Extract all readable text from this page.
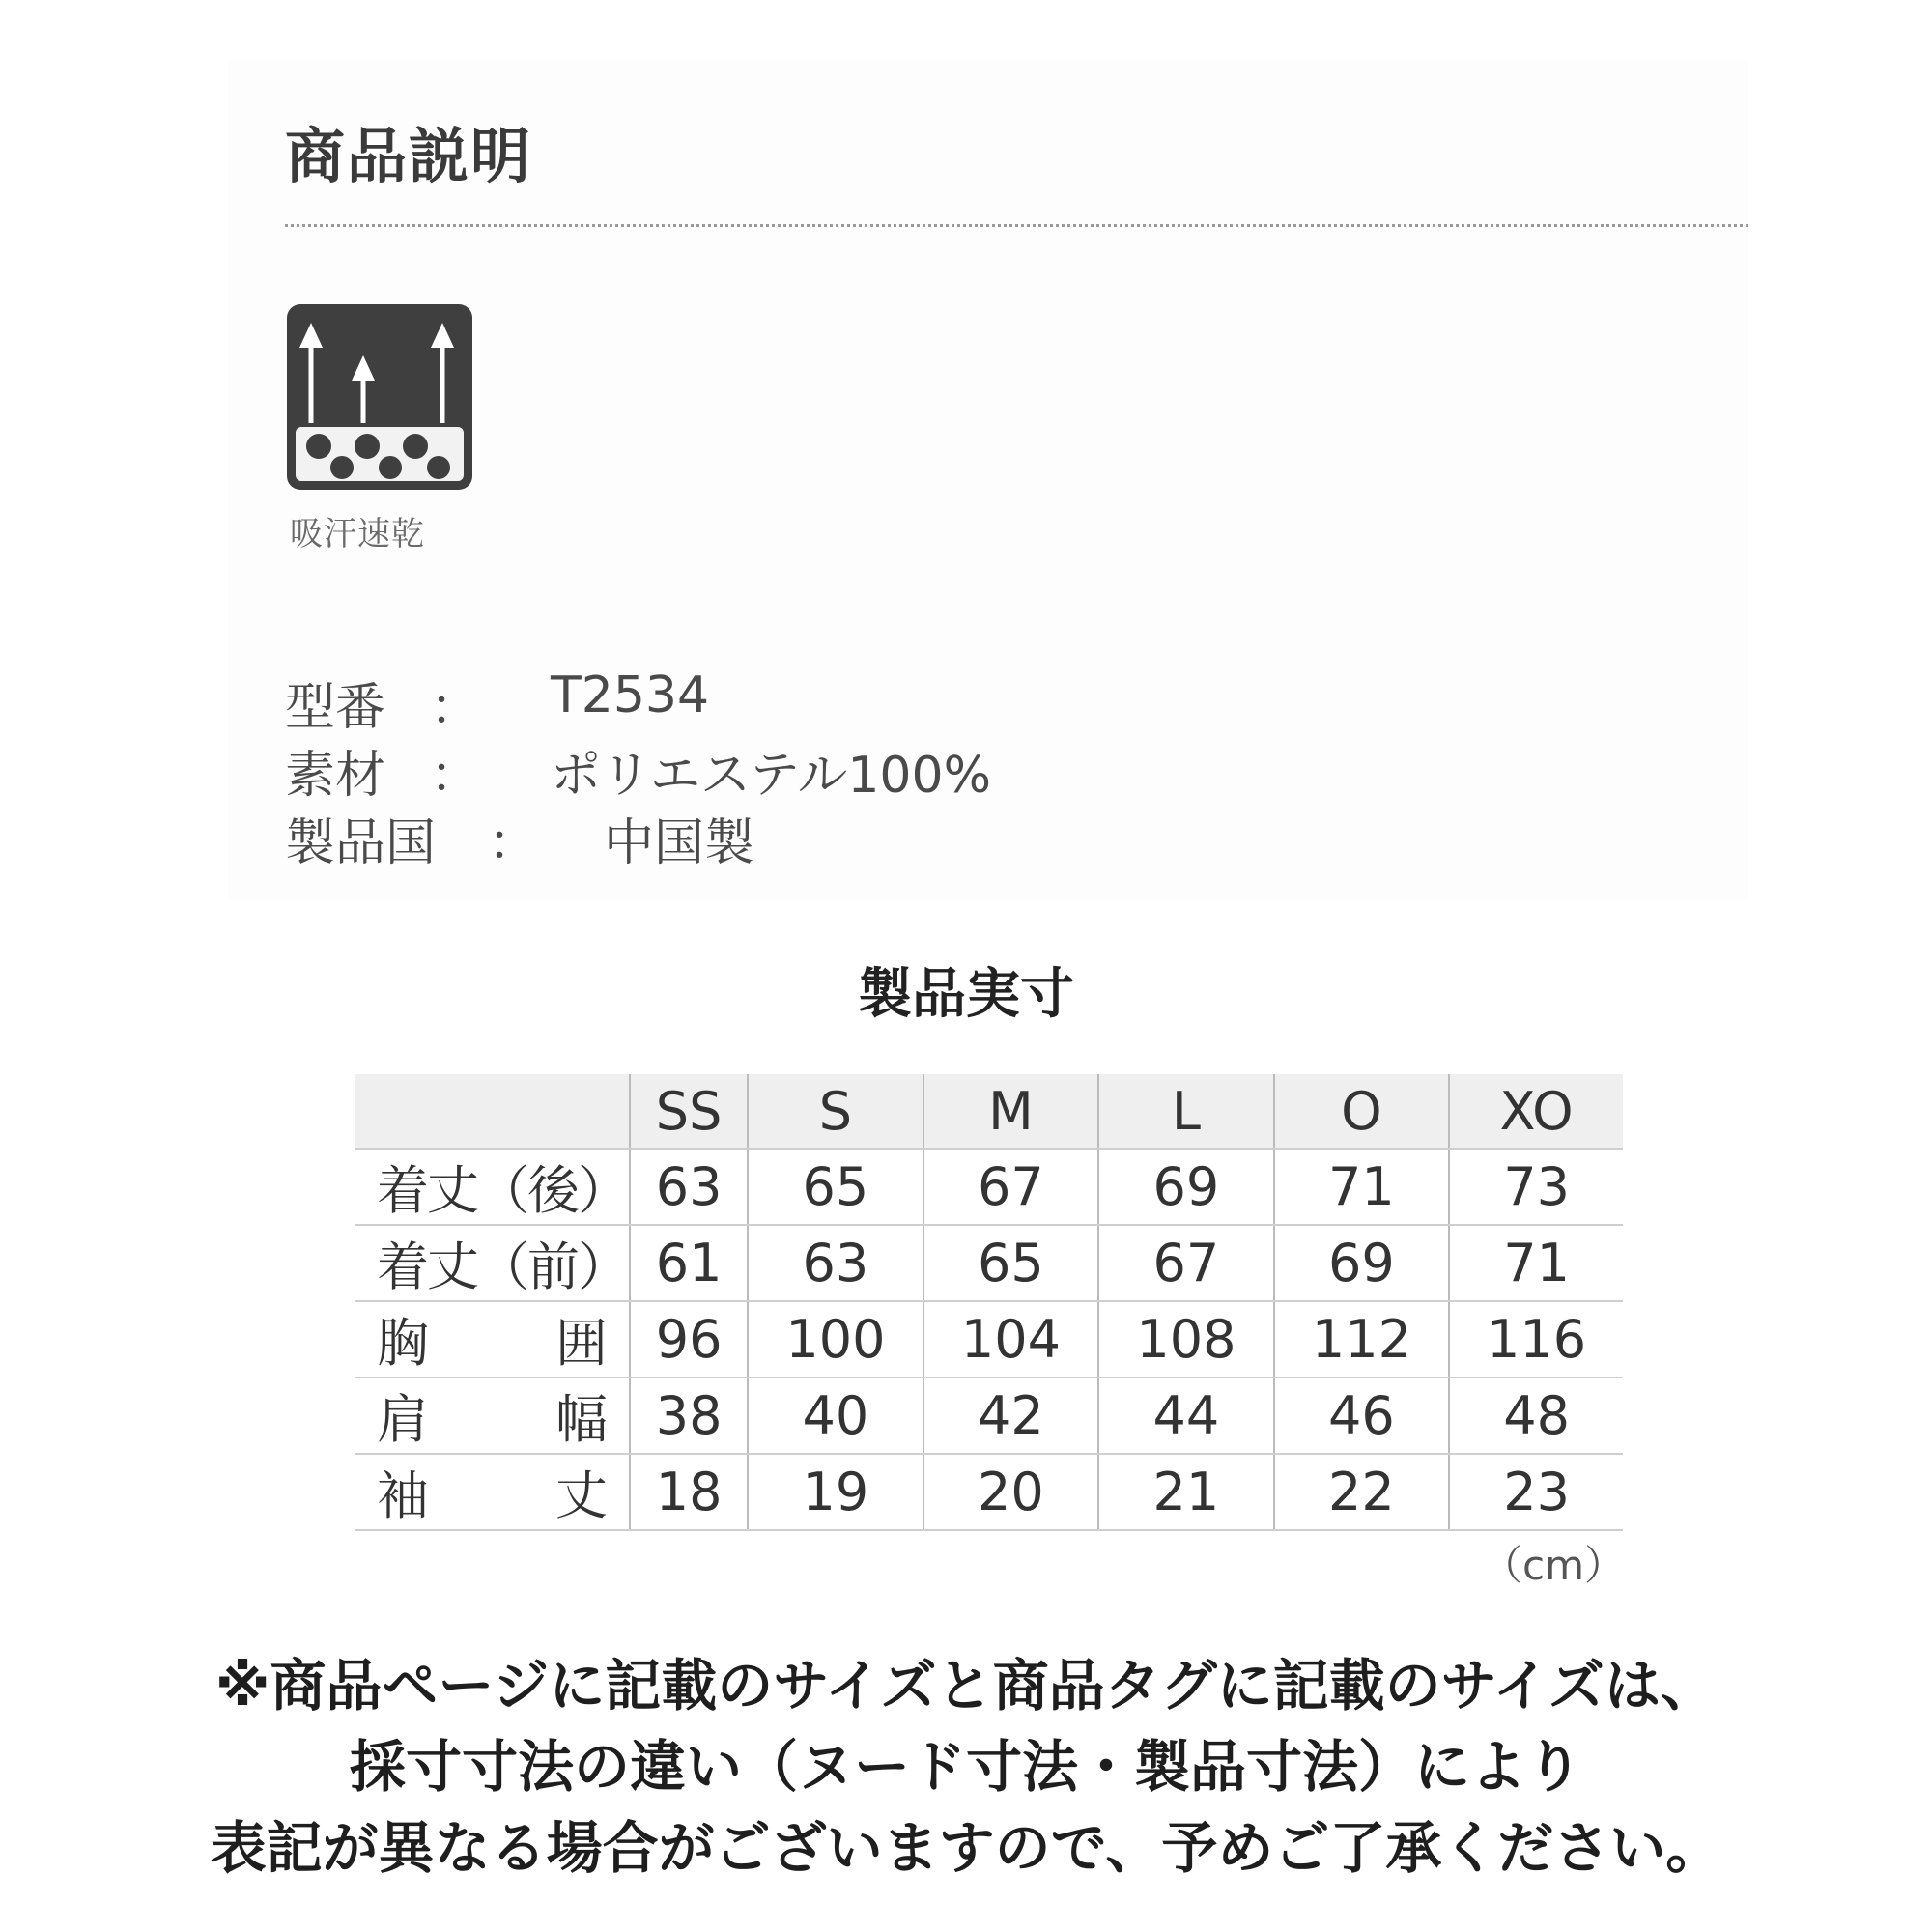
商品説明
吸汗速乾
型番 ： T2534
素材 ： ポリエステル100%
製品国 ： 中国製
製品実寸
	SS	S	M	L	O	XO
着丈（後）	63	65	67	69	71	73
着丈（前）	61	63	65	67	69	71

胸 囲	96	100	104	108	112	116

肩 幅	38	40	42	44	46	48

袖 丈	18	19	20	21	22	23
（cm）
※商品ページに記載のサイズと商品タグに記載のサイズは、
採寸寸法の違い（ヌード寸法・製品寸法）により
表記が異なる場合がございますので、予めご了承ください。
